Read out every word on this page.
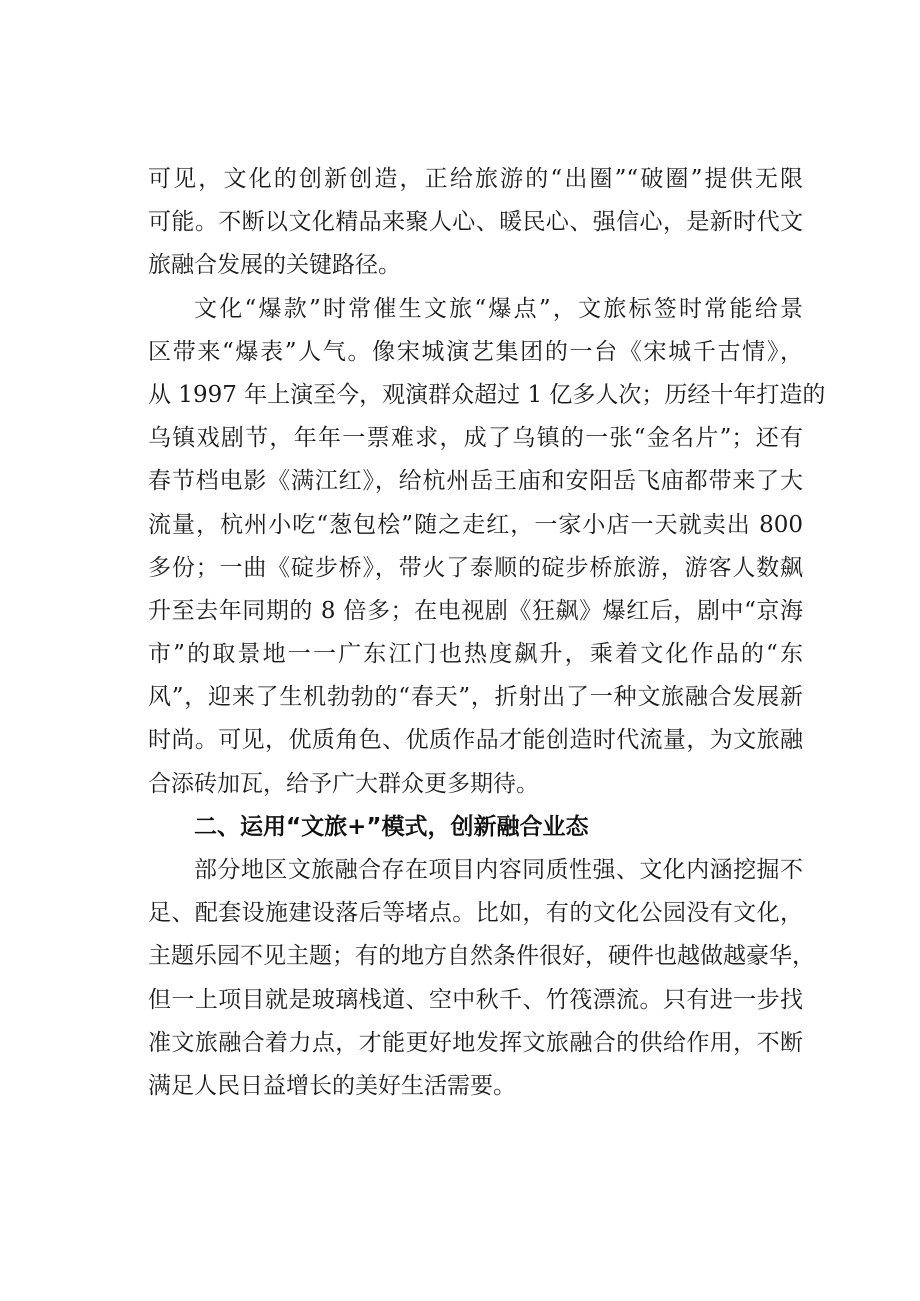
可见，文化的创新创造，正给旅游的“出圈”“破圈”提供无限
可能。不断以文化精品来聚人心、暖民心、强信心，是新时代文
旅融合发展的关键路径。

文化“爆款”时常催生文旅“爆点”，文旅标签时常能给景
区带来“爆表”人气。像宋城演艺集团的一台《宋城千古情》，
从 1997 年上演至今，观演群众超过 1 亿多人次；历经十年打造的
乌镇戏剧节，年年一票难求，成了乌镇的一张“金名片”；还有
春节档电影《满江红》，给杭州岳王庙和安阳岳飞庙都带来了大
流量，杭州小吃“葱包桧”随之走红，一家小店一天就卖出 800
多份；一曲《碇步桥》，带火了泰顺的碇步桥旅游，游客人数飙
升至去年同期的 8 倍多；在电视剧《狂飙》爆红后，剧中“京海
市”的取景地一一广东江门也热度飙升，乘着文化作品的“东
风”，迎来了生机勃勃的“春天”，折射出了一种文旅融合发展新
时尚。可见，优质角色、优质作品才能创造时代流量，为文旅融
合添砖加瓦，给予广大群众更多期待。

二、运用“文旅+”模式，创新融合业态

部分地区文旅融合存在项目内容同质性强、文化内涵挖掘不
足、配套设施建设落后等堵点。比如，有的文化公园没有文化，
主题乐园不见主题；有的地方自然条件很好，硬件也越做越豪华，
但一上项目就是玻璃栈道、空中秋千、竹筏漂流。只有进一步找
准文旅融合着力点，才能更好地发挥文旅融合的供给作用，不断
满足人民日益增长的美好生活需要。
